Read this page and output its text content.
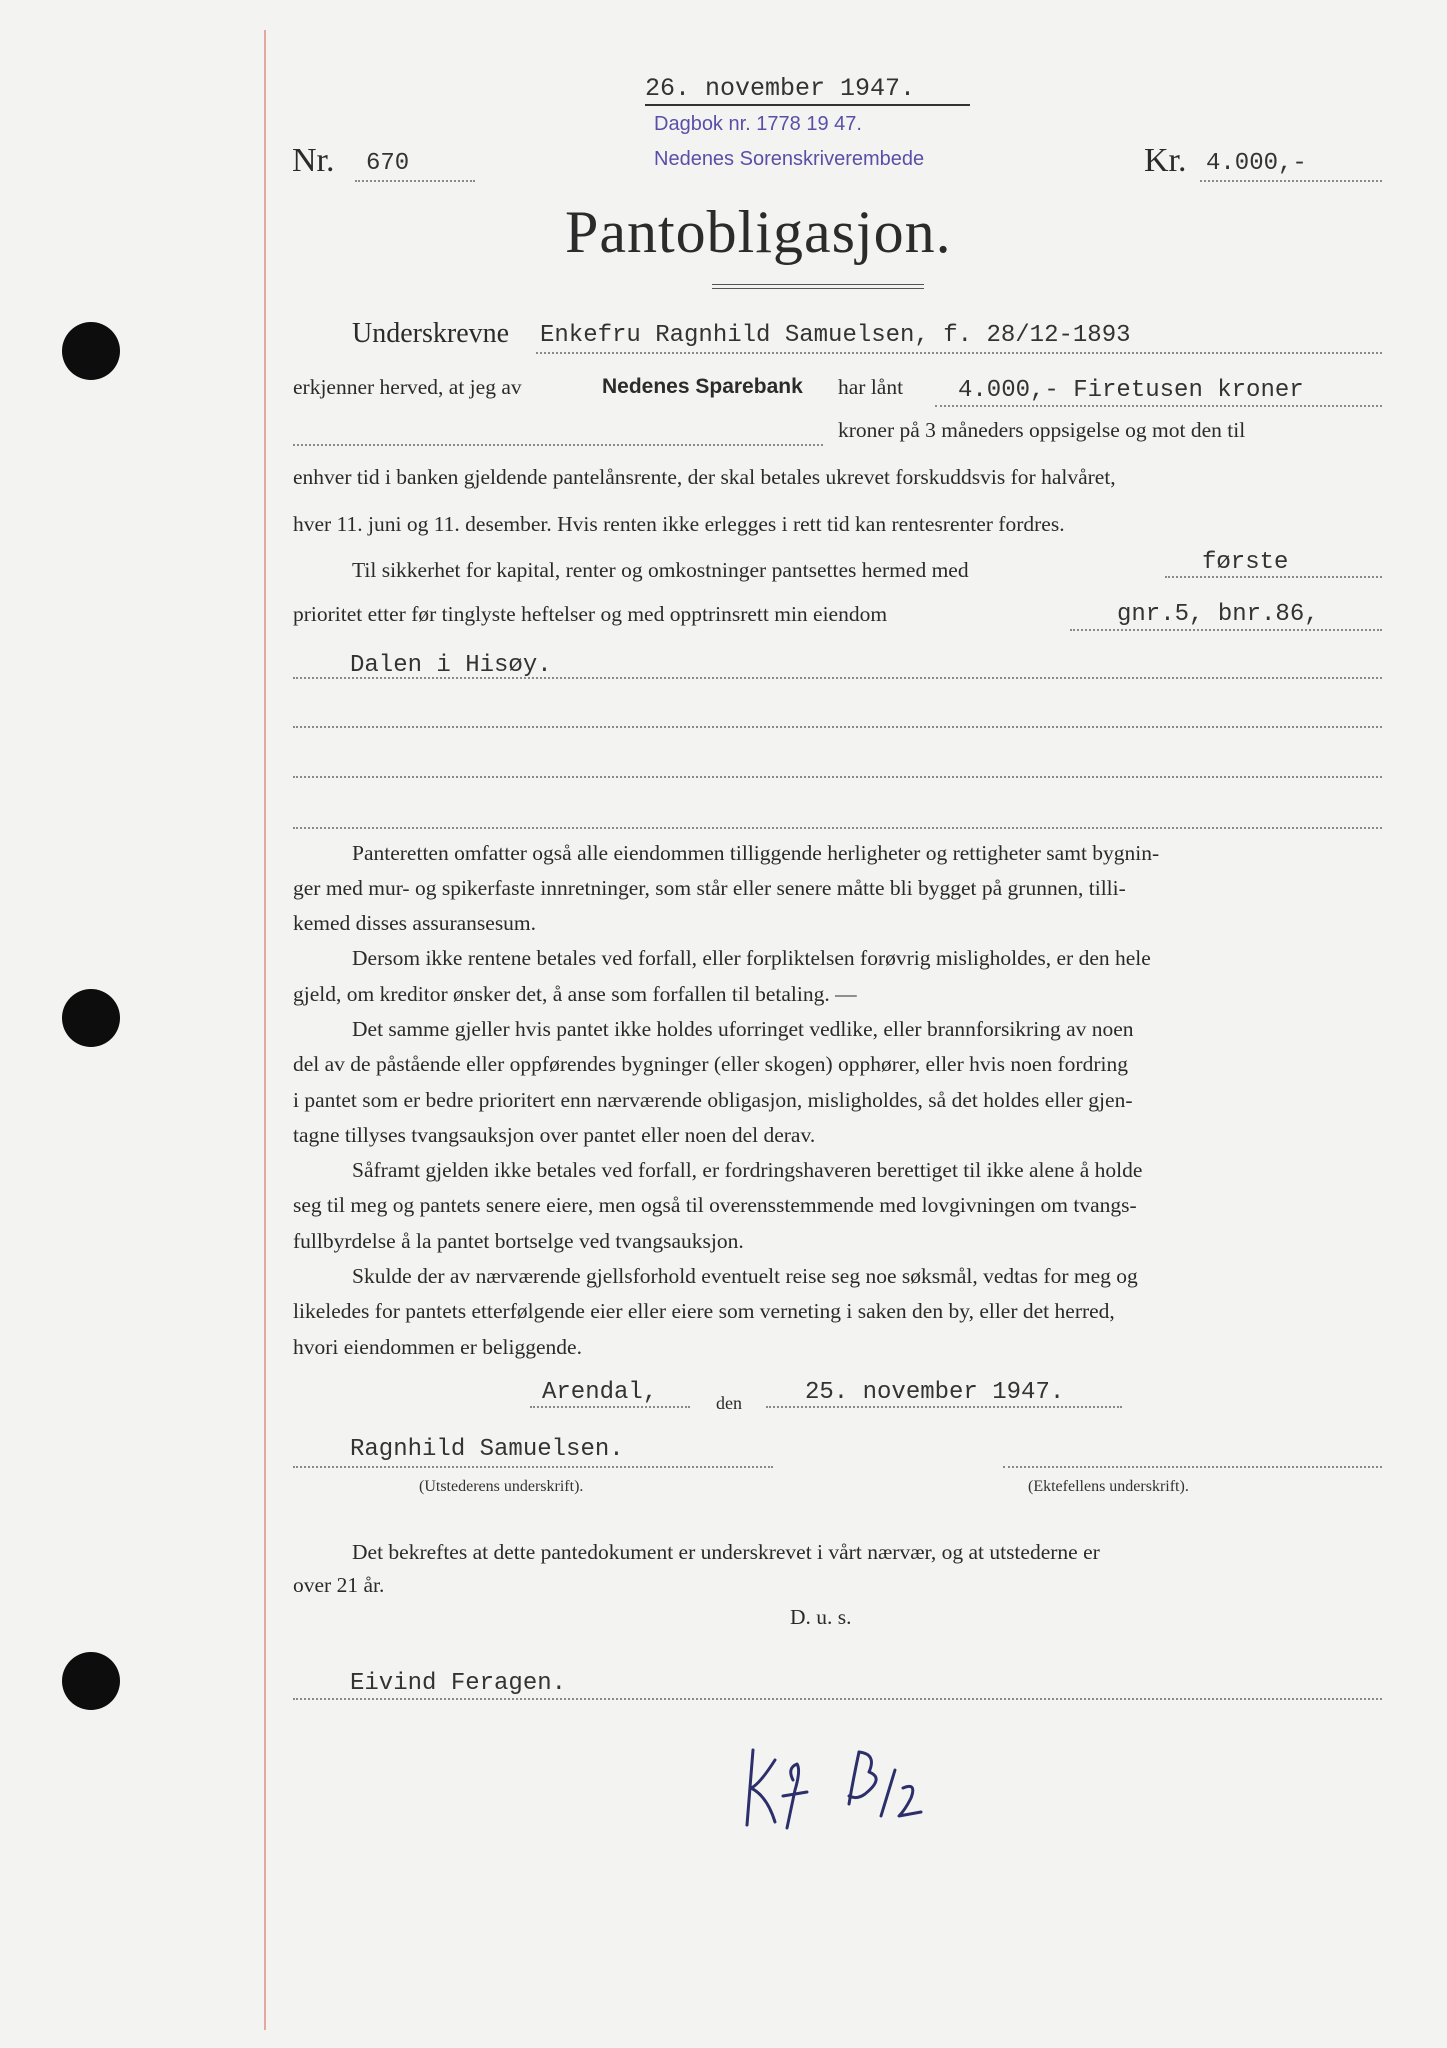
26. november 1947.
Dagbok nr. 1778 19 47.
Nedenes Sorenskriverembede
Nr. 670	Kr. 4.000,-
Pantobligasjon.
Underskrevne Enkefru Ragnhild Samuelsen, f. 28/12-1893
erkjenner herved, at jeg av	Nedenes Sparebank har lånt 4.000,- Firetusen kroner
kroner på 3 måneders oppsigelse og mot den til
enhver tid i banken gjeldende pantelånsrente, der skal betales ukrevet forskuddsvis for halvåret,
hver 11. juni og 11. desember. Hvis renten ikke erlegges i rett tid kan rentesrenter fordres.
Til sikkerhet for kapital, renter og omkostninger pantsettes hermed med	første
prioritet etter før tinglyste heftelser og med opptrinsrett min eiendom	gnr.5, bnr.86,
Dalen i Hisøy.
Panteretten omfatter også alle eiendommen tilliggende herligheter og rettigheter samt bygnin-
ger med mur- og spikerfaste innretninger, som står eller senere måtte bli bygget på grunnen, tilli-
kemed disses assuransesum.
Dersom ikke rentene betales ved forfall, eller forpliktelsen forøvrig misligholdes, er den hele
gjeld, om kreditor ønsker det, å anse som forfallen til betaling. —
Det samme gjeller hvis pantet ikke holdes uforringet vedlike, eller brannforsikring av noen
del av de påstående eller oppførendes bygninger (eller skogen) opphører, eller hvis noen fordring
i pantet som er bedre prioritert enn nærværende obligasjon, misligholdes, så det holdes eller gjen-
tagne tillyses tvangsauksjon over pantet eller noen del derav.
Såframt gjelden ikke betales ved forfall, er fordringshaveren berettiget til ikke alene å holde
seg til meg og pantets senere eiere, men også til overensstemmende med lovgivningen om tvangs-
fullbyrdelse å la pantet bortselge ved tvangsauksjon.
Skulde der av nærværende gjellsforhold eventuelt reise seg noe søksmål, vedtas for meg og
likeledes for pantets etterfølgende eier eller eiere som verneting i saken den by, eller det herred,
hvori eiendommen er beliggende.
Arendal,	den	25. november 1947.
Ragnhild Samuelsen.
(Utstederens underskrift).	(Ektefellens underskrift).
Det bekreftes at dette pantedokument er underskrevet i vårt nærvær, og at utstederne er
over 21 år.
D. u. s.
Eivind Feragen.
Kfr B/2
